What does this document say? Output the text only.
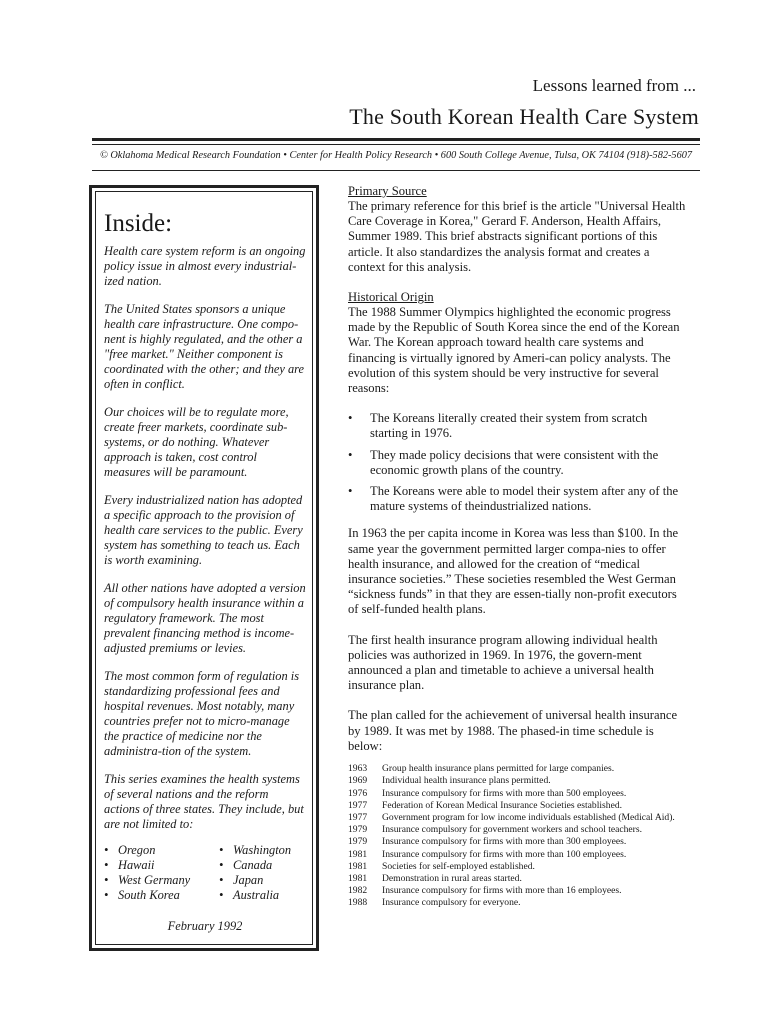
Lessons learned from ...
The South Korean Health Care System
© Oklahoma Medical Research Foundation • Center for Health Policy Research • 600 South College Avenue, Tulsa, OK 74104 (918)-582-5607
Inside:

Health care system reform is an ongoing policy issue in almost every industrial-ized nation.

The United States sponsors a unique health care infrastructure. One compo-nent is highly regulated, and the other a "free market." Neither component is coordinated with the other; and they are often in conflict.

Our choices will be to regulate more, create freer markets, coordinate sub-systems, or do nothing. Whatever approach is taken, cost control measures will be paramount.

Every industrialized nation has adopted a specific approach to the provision of health care services to the public. Every system has something to teach us. Each is worth examining.

All other nations have adopted a version of compulsory health insurance within a regulatory framework. The most prevalent financing method is income-adjusted premiums or levies.

The most common form of regulation is standardizing professional fees and hospital revenues. Most notably, many countries prefer not to micro-manage the practice of medicine nor the administra-tion of the system.

This series examines the health systems of several nations and the reform actions of three states. They include, but are not limited to:

• Oregon	• Washington
• Hawaii	• Canada
• West Germany • Japan
• South Korea	• Australia
February 1992
Primary Source

The primary reference for this brief is the article "Universal Health Care Coverage in Korea," Gerard F. Anderson, Health Affairs, Summer 1989. This brief abstracts significant portions of this article. It also standardizes the analysis format and creates a context for this analysis.

Historical Origin

The 1988 Summer Olympics highlighted the economic progress made by the Republic of South Korea since the end of the Korean War. The Korean approach toward health care systems and financing is virtually ignored by Ameri-can policy analysts. The evolution of this system should be very instructive for several reasons:

•	The Koreans literally created their system from scratch starting in 1976.
•	They made policy decisions that were consistent with the economic growth plans of the country.
•	The Koreans were able to model their system after any of the mature systems of theindustrialized nations.

In 1963 the per capita income in Korea was less than $100. In the same year the government permitted larger compa-nies to offer health insurance, and allowed for the creation of “medical insurance societies.” These societies resembled the West German “sickness funds” in that they are essen-tially non-profit executors of self-funded health plans.

The first health insurance program allowing individual health policies was authorized in 1969. In 1976, the govern-ment announced a plan and timetable to achieve a universal health insurance plan.

The plan called for the achievement of universal health insurance by 1989. It was met by 1988. The phased-in time schedule is below:

1963	Group health insurance plans permitted for large companies.
1969	Individual health insurance plans permitted.
1976	Insurance compulsory for firms with more than 500 employees.
1977	Federation of Korean Medical Insurance Societies established.
1977	Government program for low income individuals established (Medical Aid).
1979	Insurance compulsory for government workers and school teachers.
1979	Insurance compulsory for firms with more than 300 employees.
1981	Insurance compulsory for firms with more than 100 employees.
1981	Societies for self-employed established.
1981	Demonstration in rural areas started.
1982	Insurance compulsory for firms with more than 16 employees.
1988	Insurance compulsory for everyone.
